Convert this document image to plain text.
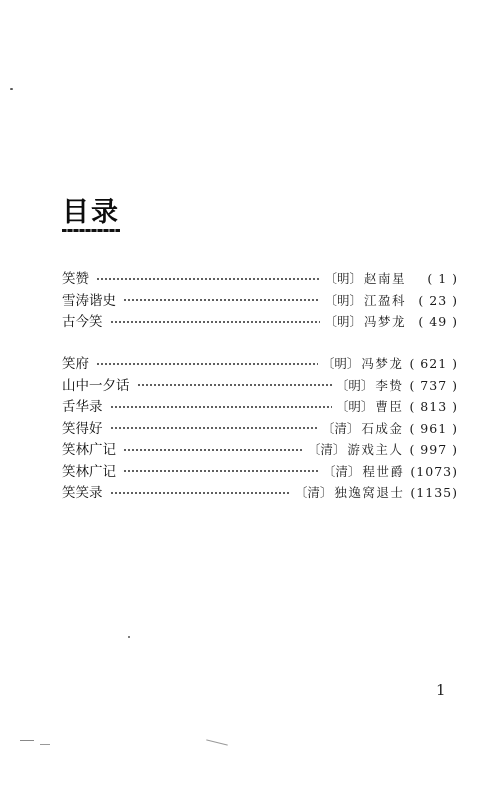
目录
笑赞	〔明〕 赵南星	( 1 )
雪涛谐史	〔明〕 江盈科 ( 23 )
古今笑	〔明〕 冯梦龙 ( 49 )
笑府	〔明〕 冯梦龙 ( 621 )
山中一夕话	〔明〕 李贽 ( 737 )
舌华录	〔明〕 曹臣 ( 813 )
笑得好	〔清〕 石成金 ( 961 )
笑林广记	〔清〕 游戏主人 ( 997 )
笑林广记	〔清〕 程世爵 (1073)
笑笑录	〔清〕 独逸窝退士 (1135)
1
